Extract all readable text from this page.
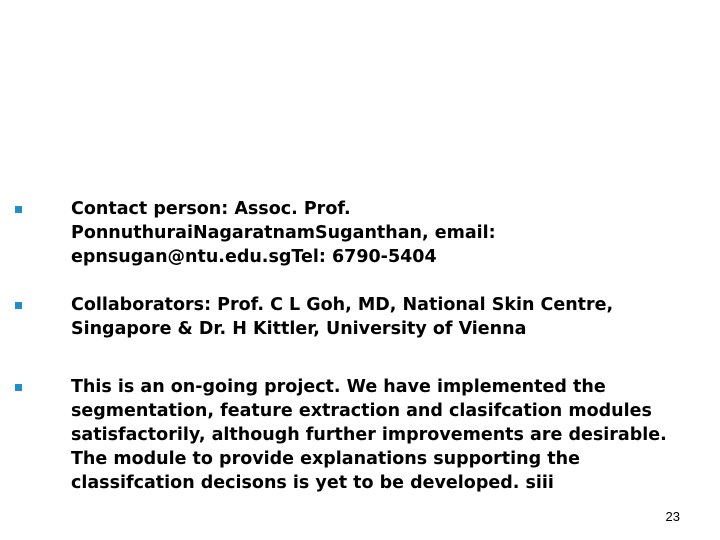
Contact person: Assoc. Prof.
PonnuthuraiNagaratnamSuganthan, email:
epnsugan@ntu.edu.sgTel: 6790-5404
Collaborators: Prof. C L Goh, MD, National Skin Centre,
Singapore & Dr. H Kittler, University of Vienna
This is an on-going project. We have implemented the
segmentation, feature extraction and clasifcation modules
satisfactorily, although further improvements are desirable.
The module to provide explanations supporting the
classifcation decisons is yet to be developed. siii
23
